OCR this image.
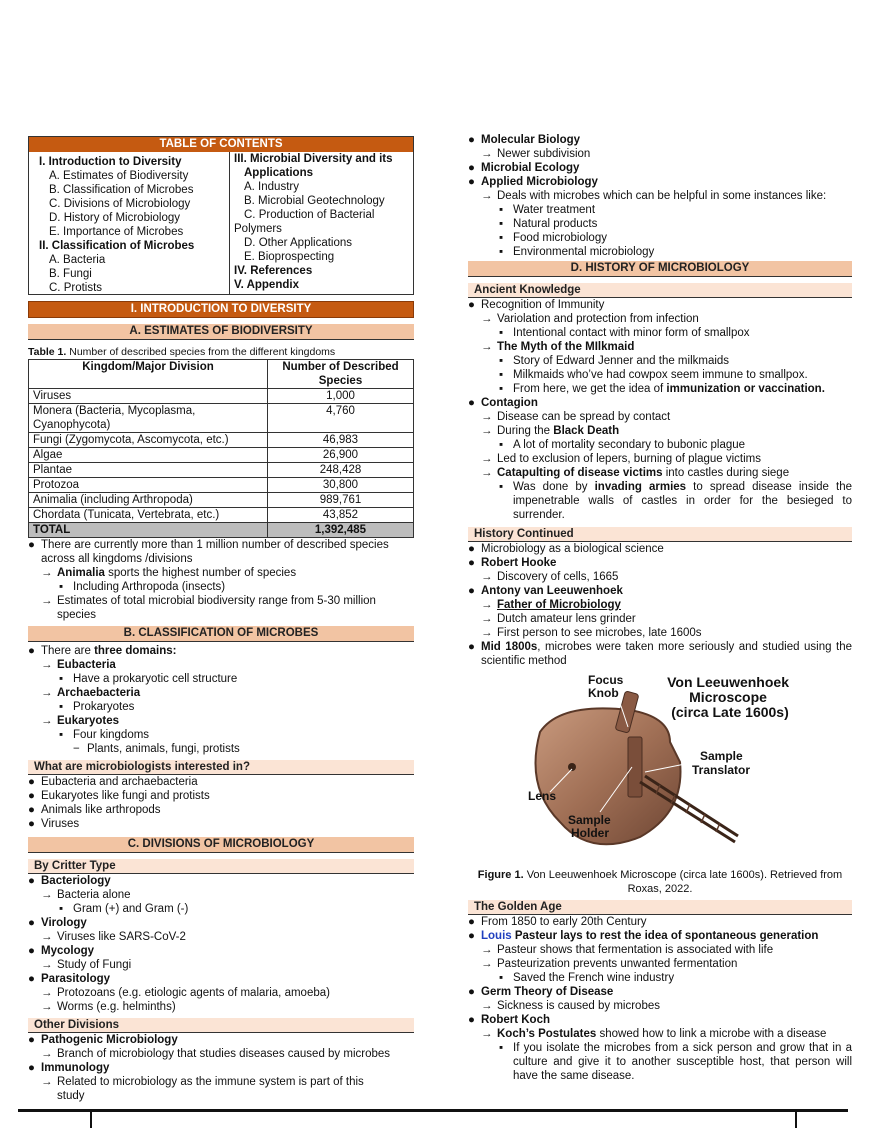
TABLE OF CONTENTS
I. Introduction to Diversity
A. Estimates of Biodiversity
B. Classification of Microbes
C. Divisions of Microbiology
D. History of Microbiology
E. Importance of Microbes
II. Classification of Microbes
A. Bacteria
B. Fungi
C. Protists
III. Microbial Diversity and its
Applications
A. Industry
B. Microbial Geotechnology
C. Production of Bacterial
Polymers
D. Other Applications
E. Bioprospecting
IV. References
V. Appendix
I. INTRODUCTION TO DIVERSITY
A. ESTIMATES OF BIODIVERSITY
Table 1. Number of described species from the different kingdoms
Kingdom/Major Division	Number of Described Species
Viruses	1,000
Monera (Bacteria, Mycoplasma, Cyanophycota)	4,760
Fungi (Zygomycota, Ascomycota, etc.)	46,983
Algae	26,900
Plantae	248,428
Protozoa	30,800
Animalia (including Arthropoda)	989,761
Chordata (Tunicata, Vertebrata, etc.)	43,852
TOTAL	1,392,485
● There are currently more than 1 million number of described species
across all kingdoms /divisions
→ Animalia sports the highest number of species
▪ Including Arthropoda (insects)
→ Estimates of total microbial biodiversity range from 5-30 million
species
B. CLASSIFICATION OF MICROBES
● There are three domains:
→ Eubacteria
▪ Have a prokaryotic cell structure
→ Archaebacteria
▪ Prokaryotes
→ Eukaryotes
▪ Four kingdoms
− Plants, animals, fungi, protists
What are microbiologists interested in?
● Eubacteria and archaebacteria
● Eukaryotes like fungi and protists
● Animals like arthropods
● Viruses
C. DIVISIONS OF MICROBIOLOGY
By Critter Type
● Bacteriology
→ Bacteria alone
▪ Gram (+) and Gram (-)
● Virology
→ Viruses like SARS-CoV-2
● Mycology
→ Study of Fungi
● Parasitology
→ Protozoans (e.g. etiologic agents of malaria, amoeba)
→ Worms (e.g. helminths)
Other Divisions
● Pathogenic Microbiology
→ Branch of microbiology that studies diseases caused by microbes
● Immunology
→ Related to microbiology as the immune system is part of this
study
● Molecular Biology
→ Newer subdivision
● Microbial Ecology
● Applied Microbiology
→ Deals with microbes which can be helpful in some instances like:
▪ Water treatment
▪ Natural products
▪ Food microbiology
▪ Environmental microbiology
D. HISTORY OF MICROBIOLOGY
Ancient Knowledge
● Recognition of Immunity
→ Variolation and protection from infection
▪ Intentional contact with minor form of smallpox
→ The Myth of the MIlkmaid
▪ Story of Edward Jenner and the milkmaids
▪ Milkmaids who’ve had cowpox seem immune to smallpox.
▪ From here, we get the idea of immunization or vaccination.
● Contagion
→ Disease can be spread by contact
→ During the Black Death
▪ A lot of mortality secondary to bubonic plague
→ Led to exclusion of lepers, burning of plague victims
→ Catapulting of disease victims into castles during siege
▪ Was done by invading armies to spread disease inside the impenetrable walls of castles in order for the besieged to surrender.
History Continued
● Microbiology as a biological science
● Robert Hooke
→ Discovery of cells, 1665
● Antony van Leeuwenhoek
→ Father of Microbiology
→ Dutch amateur lens grinder
→ First person to see microbes, late 1600s
● Mid 1800s, microbes were taken more seriously and studied using the scientific method
Von Leeuwenhoek Microscope (circa Late 1600s)
Focus Knob
Sample Translator
Lens
Sample Holder
Figure 1. Von Leeuwenhoek Microscope (circa late 1600s). Retrieved from Roxas, 2022.
The Golden Age
● From 1850 to early 20th Century
● Louis Pasteur lays to rest the idea of spontaneous generation
→ Pasteur shows that fermentation is associated with life
→ Pasteurization prevents unwanted fermentation
▪ Saved the French wine industry
● Germ Theory of Disease
→ Sickness is caused by microbes
● Robert Koch
→ Koch’s Postulates showed how to link a microbe with a disease
▪ If you isolate the microbes from a sick person and grow that in a culture and give it to another susceptible host, that person will have the same disease.
